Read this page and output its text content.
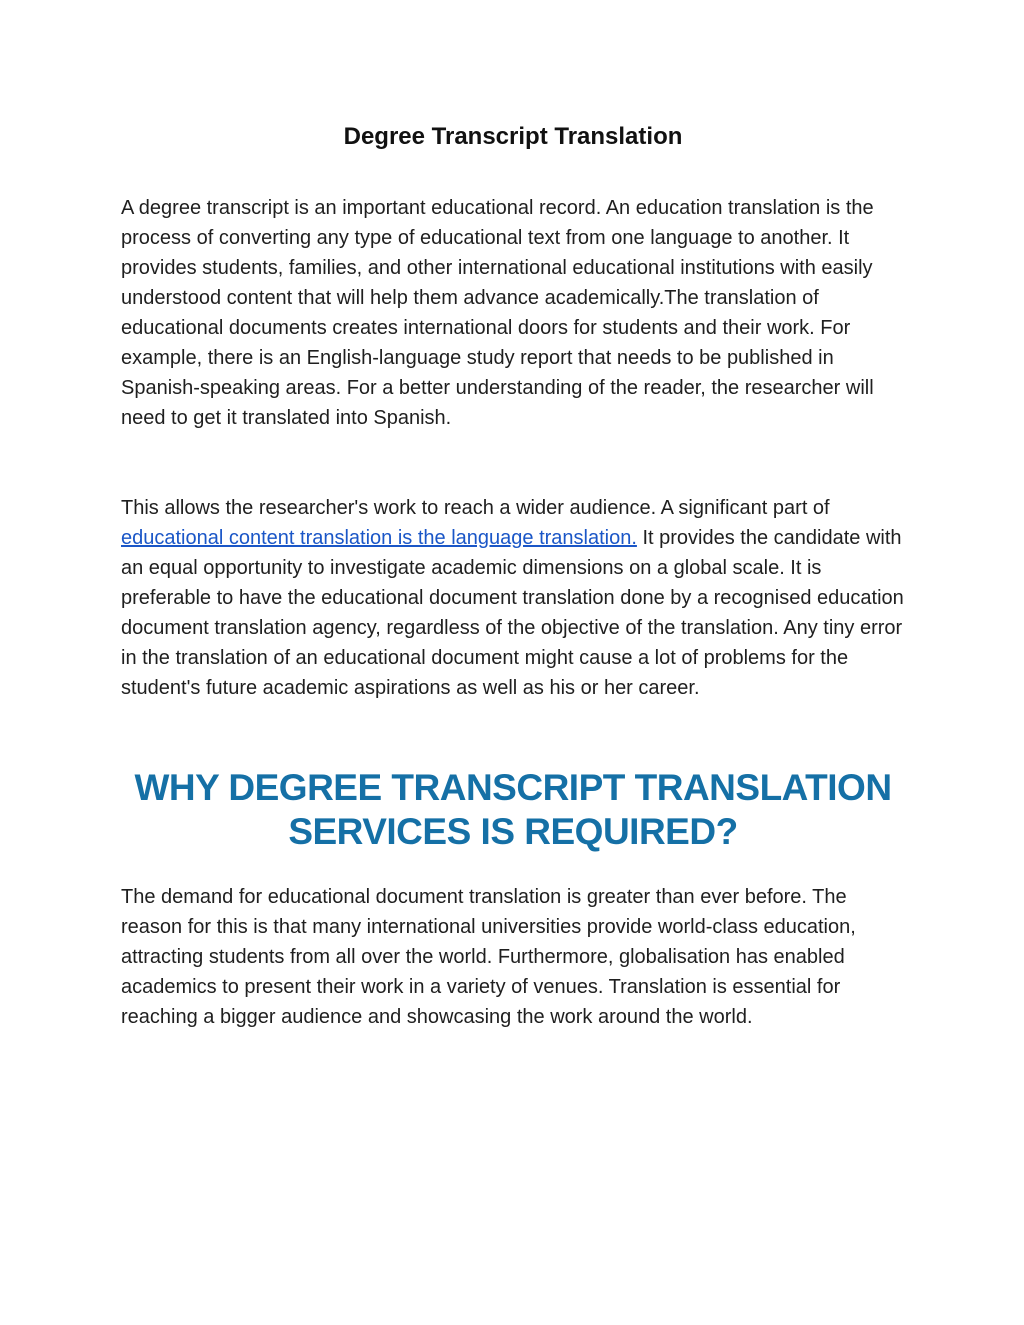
Degree Transcript Translation

A degree transcript is an important educational record. An education translation is the process of converting any type of educational text from one language to another. It provides students, families, and other international educational institutions with easily understood content that will help them advance academically.The translation of educational documents creates international doors for students and their work. For example, there is an English-language study report that needs to be published in Spanish-speaking areas. For a better understanding of the reader, the researcher will need to get it translated into Spanish.

This allows the researcher's work to reach a wider audience. A significant part of educational content translation is the language translation. It provides the candidate with an equal opportunity to investigate academic dimensions on a global scale. It is preferable to have the educational document translation done by a recognised education document translation agency, regardless of the objective of the translation. Any tiny error in the translation of an educational document might cause a lot of problems for the student's future academic aspirations as well as his or her career.

WHY DEGREE TRANSCRIPT TRANSLATION SERVICES IS REQUIRED?

The demand for educational document translation is greater than ever before. The reason for this is that many international universities provide world-class education, attracting students from all over the world. Furthermore, globalisation has enabled academics to present their work in a variety of venues. Translation is essential for reaching a bigger audience and showcasing the work around the world.
